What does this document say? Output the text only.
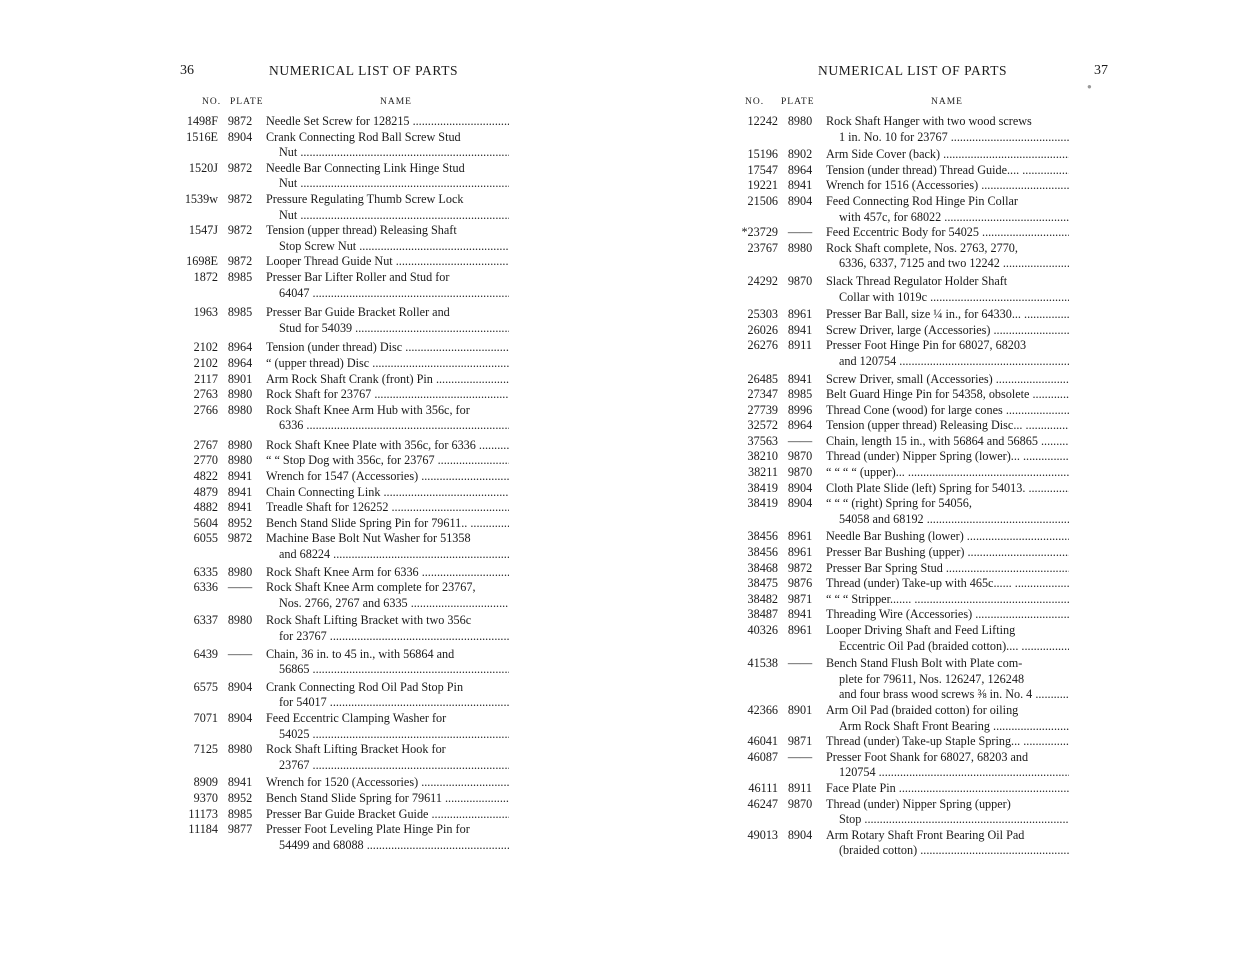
36	NUMERICAL LIST OF PARTS
NO. PLATE	NAME
1498F 9872	Needle Set Screw for 128215 .....
1516E 8904	Crank Connecting Rod Ball Screw Stud
Nut .....
1520J 9872	Needle Bar Connecting Link Hinge Stud
Nut .....
1539w 9872	Pressure Regulating Thumb Screw Lock
Nut .....
1547J 9872	Tension (upper thread) Releasing Shaft
Stop Screw Nut .....
1698E 9872	Looper Thread Guide Nut .....
1872 8985	Presser Bar Lifter Roller and Stud for
64047 .....
1963 8985	Presser Bar Guide Bracket Roller and
Stud for 54039 .....
2102 8964	Tension (under thread) Disc .....
2102 8964	“ (upper thread) Disc .....
2117 8901	Arm Rock Shaft Crank (front) Pin .....
2763 8980	Rock Shaft for 23767 .....
2766 8980	Rock Shaft Knee Arm Hub with 356c, for
6336 .....
2767 8980	Rock Shaft Knee Plate with 356c, for 6336 .....
2770 8980	“ “ Stop Dog with 356c, for 23767 .....
4822 8941	Wrench for 1547 (Accessories) .....
4879 8941	Chain Connecting Link .....
4882 8941	Treadle Shaft for 126252 .....
5604 8952	Bench Stand Slide Spring Pin for 79611.. .....
6055 9872	Machine Base Bolt Nut Washer for 51358
and 68224 .....
6335 8980	Rock Shaft Knee Arm for 6336 .....
6336 ——	Rock Shaft Knee Arm complete for 23767,
Nos. 2766, 2767 and 6335 .....
6337 8980	Rock Shaft Lifting Bracket with two 356c
for 23767 .....
6439 ——	Chain, 36 in. to 45 in., with 56864 and
56865 .....
6575 8904	Crank Connecting Rod Oil Pad Stop Pin
for 54017 .....
7071 8904	Feed Eccentric Clamping Washer for
54025 .....
7125 8980	Rock Shaft Lifting Bracket Hook for
23767 .....
8909 8941	Wrench for 1520 (Accessories) .....
9370 8952	Bench Stand Slide Spring for 79611 .....
11173 8985	Presser Bar Guide Bracket Guide .....
11184 9877	Presser Foot Leveling Plate Hinge Pin for
54499 and 68088 .....
37
NUMERICAL LIST OF PARTS
NO. PLATE	NAME
12242 8980	Rock Shaft Hanger with two wood screws
1 in. No. 10 for 23767 .....
15196 8902	Arm Side Cover (back) .....
17547 8964	Tension (under thread) Thread Guide.... .....
19221 8941	Wrench for 1516 (Accessories) .....
21506 8904	Feed Connecting Rod Hinge Pin Collar
with 457c, for 68022 .....
*23729 ——	Feed Eccentric Body for 54025 .....
23767 8980	Rock Shaft complete, Nos. 2763, 2770,
6336, 6337, 7125 and two 12242 .....
24292 9870	Slack Thread Regulator Holder Shaft
Collar with 1019c .....
25303 8961	Presser Bar Ball, size ¼ in., for 64330... .....
26026 8941	Screw Driver, large (Accessories) .....
26276 8911	Presser Foot Hinge Pin for 68027, 68203
and 120754 .....
26485 8941	Screw Driver, small (Accessories) .....
27347 8985	Belt Guard Hinge Pin for 54358, obsolete .....
27739 8996	Thread Cone (wood) for large cones .....
32572 8964	Tension (upper thread) Releasing Disc... .....
37563 ——	Chain, length 15 in., with 56864 and 56865 .....
38210 9870	Thread (under) Nipper Spring (lower)... .....
38211 9870	“ “ “ “ (upper)... .....
38419 8904	Cloth Plate Slide (left) Spring for 54013. .....
38419 8904	“ “ “ (right) Spring for 54056,
54058 and 68192 .....
38456 8961	Needle Bar Bushing (lower) .....
38456 8961	Presser Bar Bushing (upper) .....
38468 9872	Presser Bar Spring Stud .....
38475 9876	Thread (under) Take-up with 465c...... .....
38482 9871	“ “ “ Stripper....... .....
38487 8941	Threading Wire (Accessories) .....
40326 8961	Looper Driving Shaft and Feed Lifting
Eccentric Oil Pad (braided cotton).... .....
41538 ——	Bench Stand Flush Bolt with Plate com-
plete for 79611, Nos. 126247, 126248
and four brass wood screws ⅜ in. No. 4 .....
42366 8901	Arm Oil Pad (braided cotton) for oiling
Arm Rock Shaft Front Bearing .....
46041 9871	Thread (under) Take-up Staple Spring... .....
46087 ——	Presser Foot Shank for 68027, 68203 and
120754 .....
46111 8911	Face Plate Pin .....
46247 9870	Thread (under) Nipper Spring (upper)
Stop .....
49013 8904	Arm Rotary Shaft Front Bearing Oil Pad
(braided cotton) .....
●
